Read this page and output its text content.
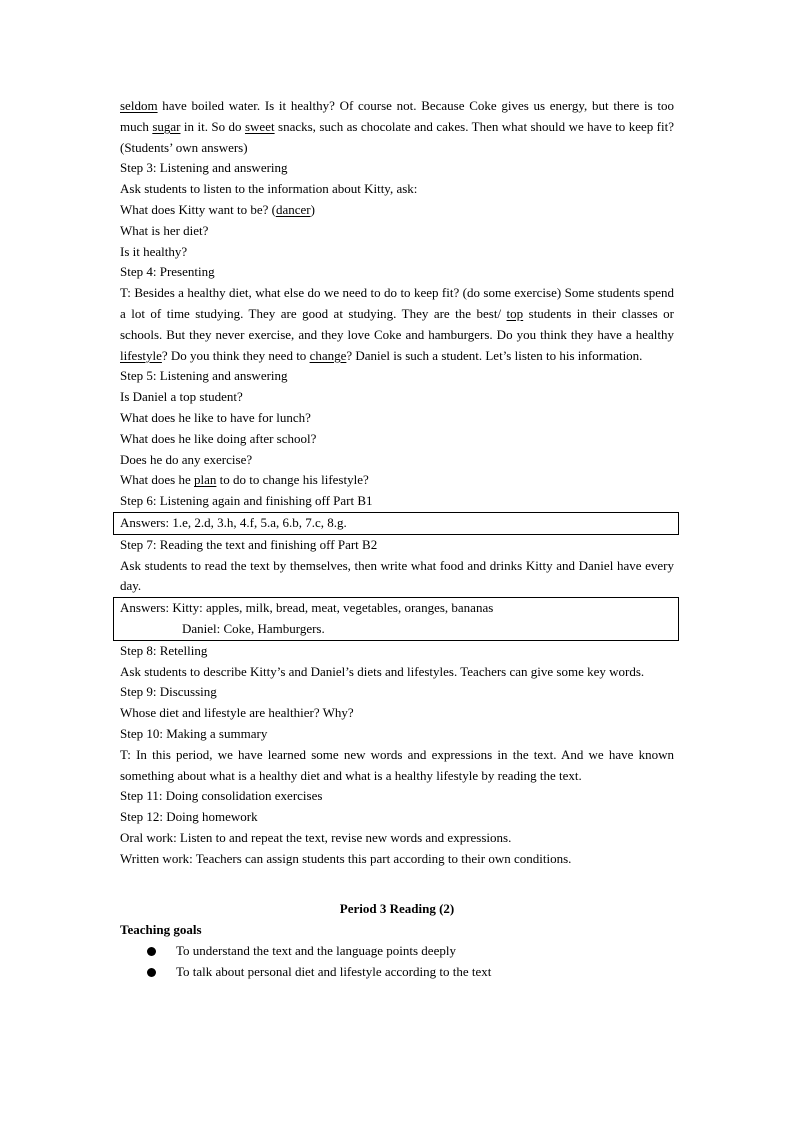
seldom have boiled water. Is it healthy? Of course not. Because Coke gives us energy, but there is too much sugar in it. So do sweet snacks, such as chocolate and cakes. Then what should we have to keep fit? (Students’ own answers)

Step 3: Listening and answering

Ask students to listen to the information about Kitty, ask:

What does Kitty want to be? (dancer)

What is her diet?

Is it healthy?

Step 4: Presenting

T: Besides a healthy diet, what else do we need to do to keep fit? (do some exercise) Some students spend a lot of time studying. They are good at studying. They are the best/ top students in their classes or schools. But they never exercise, and they love Coke and hamburgers. Do you think they have a healthy lifestyle? Do you think they need to change? Daniel is such a student. Let’s listen to his information.

Step 5: Listening and answering

Is Daniel a top student?

What does he like to have for lunch?

What does he like doing after school?

Does he do any exercise?

What does he plan to do to change his lifestyle?

Step 6: Listening again and finishing off Part B1

Answers: 1.e, 2.d, 3.h, 4.f, 5.a, 6.b, 7.c, 8.g.

Step 7: Reading the text and finishing off Part B2

Ask students to read the text by themselves, then write what food and drinks Kitty and Daniel have every day.

Answers: Kitty: apples, milk, bread, meat, vegetables, oranges, bananas

Daniel: Coke, Hamburgers.

Step 8: Retelling

Ask students to describe Kitty’s and Daniel’s diets and lifestyles. Teachers can give some key words.

Step 9: Discussing

Whose diet and lifestyle are healthier? Why?

Step 10: Making a summary

T: In this period, we have learned some new words and expressions in the text. And we have known something about what is a healthy diet and what is a healthy lifestyle by reading the text.

Step 11: Doing consolidation exercises

Step 12: Doing homework

Oral work: Listen to and repeat the text, revise new words and expressions.

Written work: Teachers can assign students this part according to their own conditions.

Period 3 Reading (2)

Teaching goals

To understand the text and the language points deeply

To talk about personal diet and lifestyle according to the text
